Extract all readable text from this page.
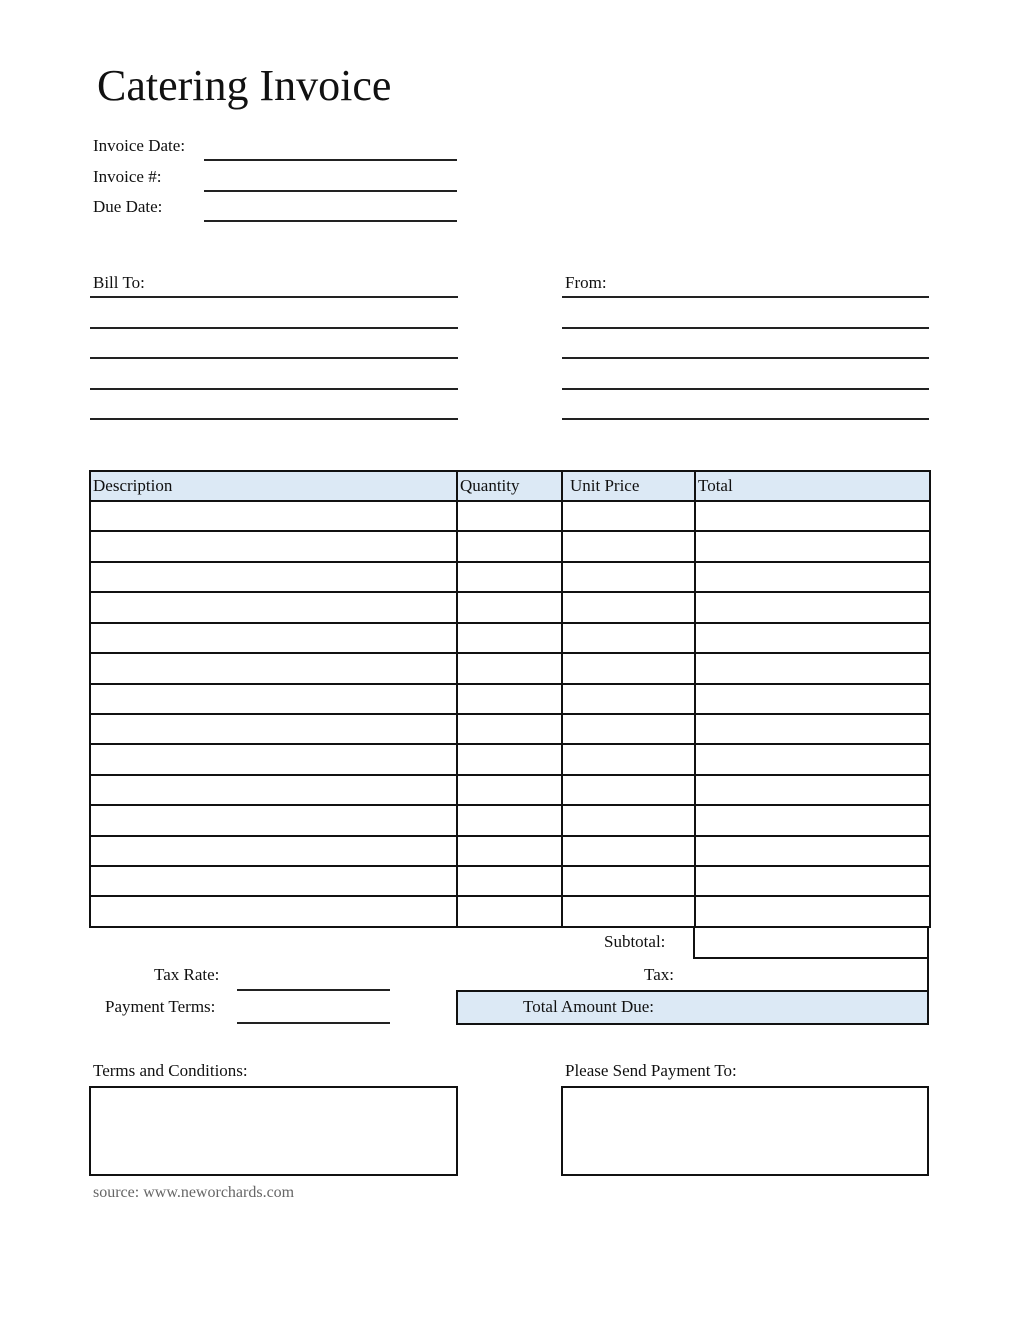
Catering Invoice
Invoice Date:
Invoice #:
Due Date:
Bill To:	From:
Description	Quantity	Unit Price	Total

Subtotal:
Tax:
Total Amount Due:
Tax Rate:
Payment Terms:
Terms and Conditions:	Please Send Payment To:
source: www.neworchards.com
